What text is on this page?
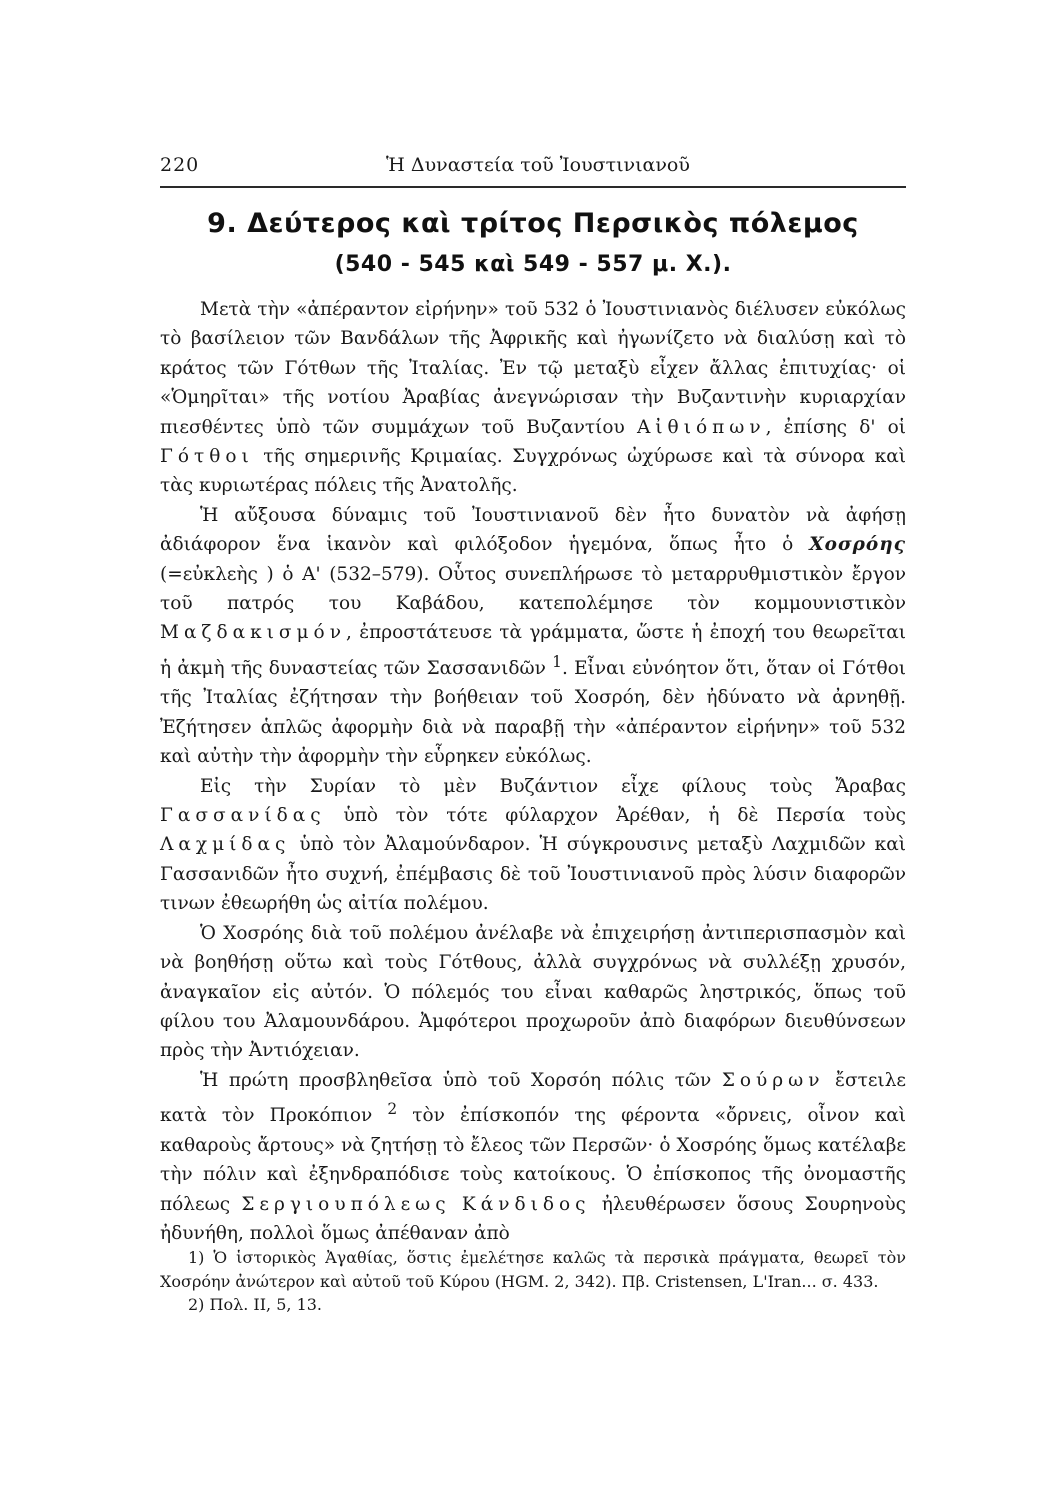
220	Ἡ Δυναστεία τοῦ Ἰουστινιανοῦ
9. Δεύτερος καὶ τρίτος Περσικὸς πόλεμος
(540 - 545 καὶ 549 - 557 μ. Χ.).

Μετὰ τὴν «ἀπέραντον εἰρήνην» τοῦ 532 ὁ Ἰουστινιανὸς διέλυσεν εὐκόλως τὸ βασίλειον τῶν Βανδάλων τῆς Ἀφρικῆς καὶ ἠγωνίζετο νὰ διαλύσῃ καὶ τὸ κράτος τῶν Γότθων τῆς Ἰταλίας. Ἐν τῷ μεταξὺ εἶχεν ἄλλας ἐπιτυχίας· οἱ «Ὁμηρῖται» τῆς νοτίου Ἀραβίας ἀνεγνώρισαν τὴν Βυζαντινὴν κυριαρχίαν πιεσθέντες ὑπὸ τῶν συμμάχων τοῦ Βυζαντίου Αἰθιόπων, ἐπίσης δ' οἱ Γότθοι τῆς σημερινῆς Κριμαίας. Συγχρόνως ὠχύρωσε καὶ τὰ σύνορα καὶ τὰς κυριωτέρας πόλεις τῆς Ἀνατολῆς.

Ἡ αὔξουσα δύναμις τοῦ Ἰουστινιανοῦ δὲν ἦτο δυνατὸν νὰ ἀφήσῃ ἀδιάφορον ἕνα ἱκανὸν καὶ φιλόξοδον ἡγεμόνα, ὅπως ἦτο ὁ Χοσρόης (=εὐκλεὴς ) ὁ Α' (532–579). Οὗτος συνεπλήρωσε τὸ μεταρρυθμιστικὸν ἔργον τοῦ πατρός του Καβάδου, κατεπολέμησε τὸν κομμουνιστικὸν Μαζδακισμόν, ἐπροστάτευσε τὰ γράμματα, ὥστε ἡ ἐποχή του θεωρεῖται ἡ ἀκμὴ τῆς δυναστείας τῶν Σασσανιδῶν $^1$. Εἶναι εὐνόητον ὅτι, ὅταν οἱ Γότθοι τῆς Ἰταλίας ἐζήτησαν τὴν βοήθειαν τοῦ Χοσρόη, δὲν ἠδύνατο νὰ ἀρνηθῇ. Ἐζήτησεν ἁπλῶς ἀφορμὴν διὰ νὰ παραβῇ τὴν «ἀπέραντον εἰρήνην» τοῦ 532 καὶ αὐτὴν τὴν ἀφορμὴν τὴν εὗρηκεν εὐκόλως.

Εἰς τὴν Συρίαν τὸ μὲν Βυζάντιον εἶχε φίλους τοὺς Ἄραβας Γασσανίδας ὑπὸ τὸν τότε φύλαρχον Ἀρέθαν, ἡ δὲ Περσία τοὺς Λαχμίδας ὑπὸ τὸν Ἀλαμούνδαρον. Ἡ σύγκρουσινς μεταξὺ Λαχμιδῶν καὶ Γασσανιδῶν ἦτο συχνή, ἐπέμβασις δὲ τοῦ Ἰουστινιανοῦ πρὸς λύσιν διαφορῶν τινων ἐθεωρήθη ὡς αἰτία πολέμου.

Ὁ Χοσρόης διὰ τοῦ πολέμου ἀνέλαβε νὰ ἐπιχειρήσῃ ἀντιπερισπασμὸν καὶ νὰ βοηθήσῃ οὕτω καὶ τοὺς Γότθους, ἀλλὰ συγχρόνως νὰ συλλέξῃ χρυσόν, ἀναγκαῖον εἰς αὐτόν. Ὁ πόλεμός του εἶναι καθαρῶς ληστρικός, ὅπως τοῦ φίλου του Ἀλαμουνδάρου. Ἀμφότεροι προχωροῦν ἀπὸ διαφόρων διευθύνσεων πρὸς τὴν Ἀντιόχειαν.

Ἡ πρώτη προσβληθεῖσα ὑπὸ τοῦ Χορσόη πόλις τῶν Σούρων ἔστειλε κατὰ τὸν Προκόπιον $^2$ τὸν ἐπίσκοπόν της φέροντα «ὄρνεις, οἶνον καὶ καθαροὺς ἄρτους» νὰ ζητήσῃ τὸ ἔλεος τῶν Περσῶν· ὁ Χοσρόης ὅμως κατέλαβε τὴν πόλιν καὶ ἐξηνδραπόδισε τοὺς κατοίκους. Ὁ ἐπίσκοπος τῆς ὀνομαστῆς πόλεως Σεργιουπόλεως Κάνδιδος ἠλευθέρωσεν ὅσους Σουρηνοὺς ἠδυνήθη, πολλοὶ ὅμως ἀπέθαναν ἀπὸ

1) Ὁ ἱστορικὸς Ἀγαθίας, ὅστις ἐμελέτησε καλῶς τὰ περσικὰ πράγματα, θεωρεῖ τὸν Χοσρόην ἀνώτερον καὶ αὐτοῦ τοῦ Κύρου (HGM. 2, 342). Πβ. Cristensen, L'Iran... σ. 433.

2) Πολ. II, 5, 13.
